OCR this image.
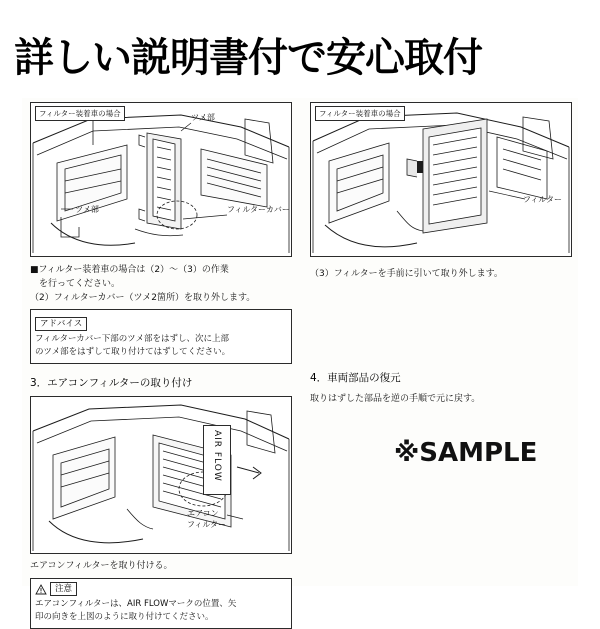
詳しい説明書付で安心取付
フィルター装着車の場合	ツメ部
ツメ部	フィルターカバー
■フィルター装着車の場合は（2）～（3）の作業
　を行ってください。
（2）フィルターカバー（ツメ2箇所）を取り外します。
アドバイス
フィルターカバー下部のツメ部をはずし、次に上部
のツメ部をはずして取り付けてはずしてください。
3．エアコンフィルターの取り付け
AIR FLOW
エアコン
フィルター
エアコンフィルターを取り付ける。
注意
エアコンフィルターは、AIR FLOWマークの位置、矢
印の向きを上図のように取り付けてください。
フィルター装着車の場合
フィルター
（3）フィルターを手前に引いて取り外します。
4．車両部品の復元
取りはずした部品を逆の手順で元に戻す。
※SAMPLE
